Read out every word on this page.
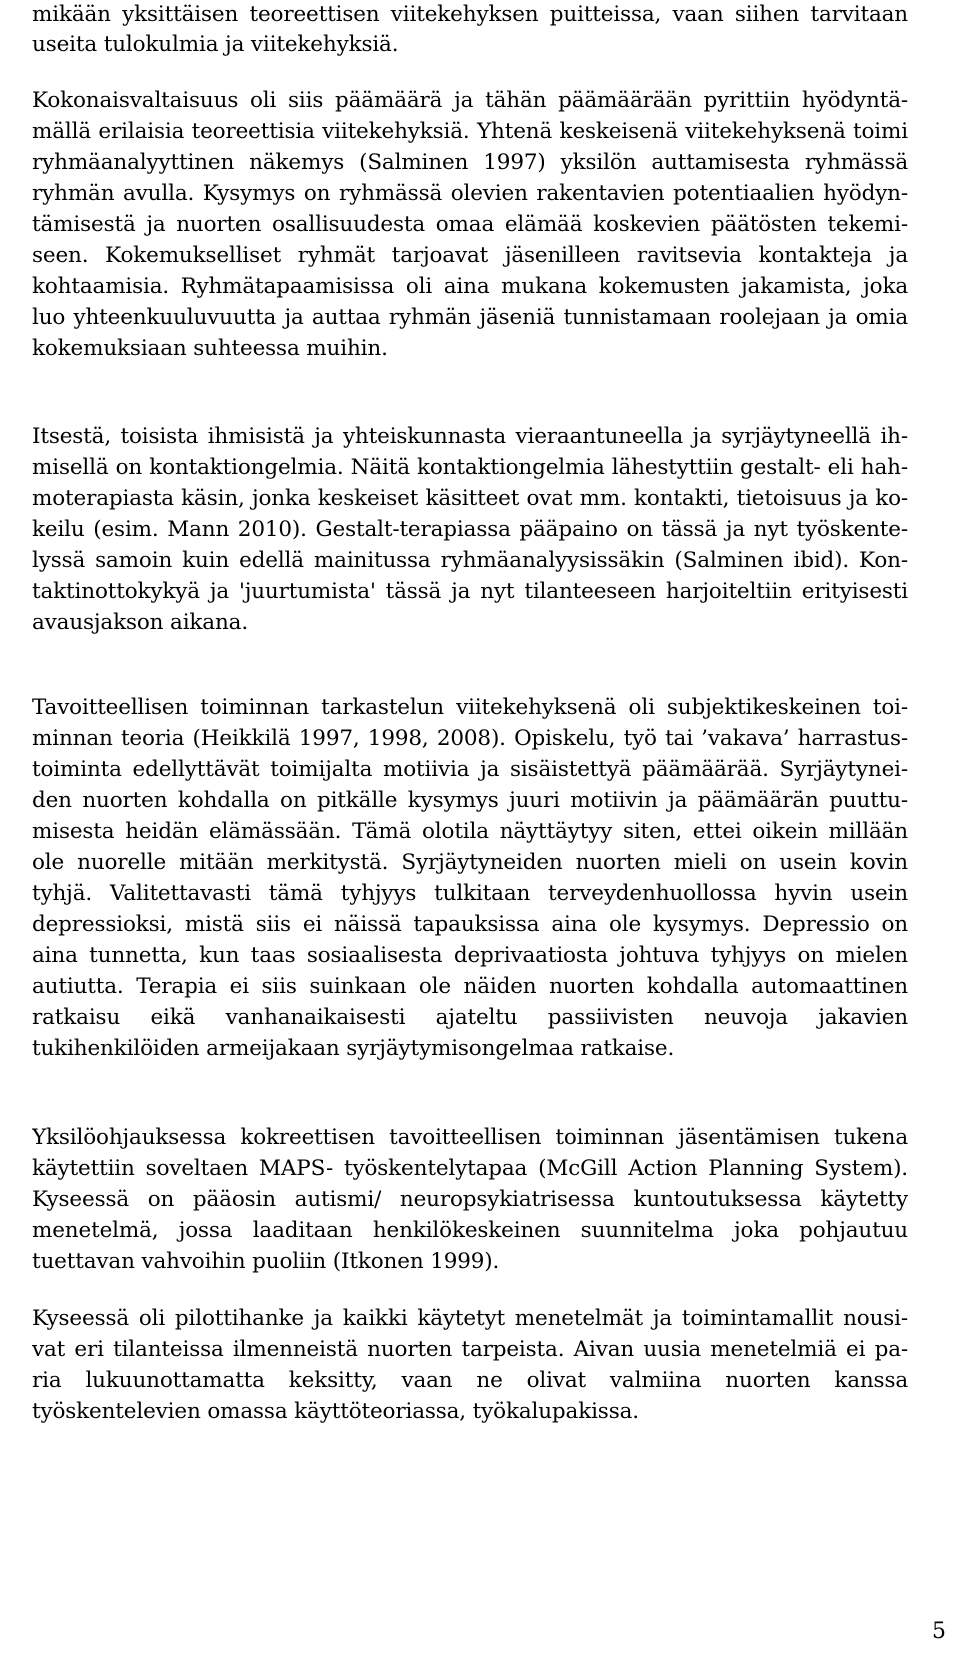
mikään yksittäisen teoreettisen viitekehyksen puitteissa, vaan siihen tarvitaan
useita tulokulmia ja viitekehyksiä.
Kokonaisvaltaisuus oli siis päämäärä ja tähän päämäärään pyrittiin hyödyntä-
mällä erilaisia teoreettisia viitekehyksiä. Yhtenä keskeisenä viitekehyksenä toimi
ryhmäanalyyttinen näkemys (Salminen 1997) yksilön auttamisesta ryhmässä
ryhmän avulla. Kysymys on ryhmässä olevien rakentavien potentiaalien hyödyn-
tämisestä ja nuorten osallisuudesta omaa elämää koskevien päätösten tekemi-
seen. Kokemukselliset ryhmät tarjoavat jäsenilleen ravitsevia kontakteja ja
kohtaamisia. Ryhmätapaamisissa oli aina mukana kokemusten jakamista, joka
luo yhteenkuuluvuutta ja auttaa ryhmän jäseniä tunnistamaan roolejaan ja omia
kokemuksiaan suhteessa muihin.
Itsestä, toisista ihmisistä ja yhteiskunnasta vieraantuneella ja syrjäytyneellä ih-
misellä on kontaktiongelmia. Näitä kontaktiongelmia lähestyttiin gestalt- eli hah-
moterapiasta käsin, jonka keskeiset käsitteet ovat mm. kontakti, tietoisuus ja ko-
keilu (esim. Mann 2010). Gestalt-terapiassa pääpaino on tässä ja nyt työskente-
lyssä samoin kuin edellä mainitussa ryhmäanalyysissäkin (Salminen ibid). Kon-
taktinottokykyä ja 'juurtumista' tässä ja nyt tilanteeseen harjoiteltiin erityisesti
avausjakson aikana.
Tavoitteellisen toiminnan tarkastelun viitekehyksenä oli subjektikeskeinen toi-
minnan teoria (Heikkilä 1997, 1998, 2008). Opiskelu, työ tai ’vakava’ harrastus-
toiminta edellyttävät toimijalta motiivia ja sisäistettyä päämäärää. Syrjäytynei-
den nuorten kohdalla on pitkälle kysymys juuri motiivin ja päämäärän puuttu-
misesta heidän elämässään. Tämä olotila näyttäytyy siten, ettei oikein millään
ole nuorelle mitään merkitystä. Syrjäytyneiden nuorten mieli on usein kovin
tyhjä. Valitettavasti tämä tyhjyys tulkitaan terveydenhuollossa hyvin usein
depressioksi, mistä siis ei näissä tapauksissa aina ole kysymys. Depressio on
aina tunnetta, kun taas sosiaalisesta deprivaatiosta johtuva tyhjyys on mielen
autiutta. Terapia ei siis suinkaan ole näiden nuorten kohdalla automaattinen
ratkaisu eikä vanhanaikaisesti ajateltu passiivisten neuvoja jakavien
tukihenkilöiden armeijakaan syrjäytymisongelmaa ratkaise.
Yksilöohjauksessa kokreettisen tavoitteellisen toiminnan jäsentämisen tukena
käytettiin soveltaen MAPS- työskentelytapaa (McGill Action Planning System).
Kyseessä on pääosin autismi/ neuropsykiatrisessa kuntoutuksessa käytetty
menetelmä, jossa laaditaan henkilökeskeinen suunnitelma joka pohjautuu
tuettavan vahvoihin puoliin (Itkonen 1999).
Kyseessä oli pilottihanke ja kaikki käytetyt menetelmät ja toimintamallit nousi-
vat eri tilanteissa ilmenneistä nuorten tarpeista. Aivan uusia menetelmiä ei pa-
ria lukuunottamatta keksitty, vaan ne olivat valmiina nuorten kanssa
työskentelevien omassa käyttöteoriassa, työkalupakissa.
5
